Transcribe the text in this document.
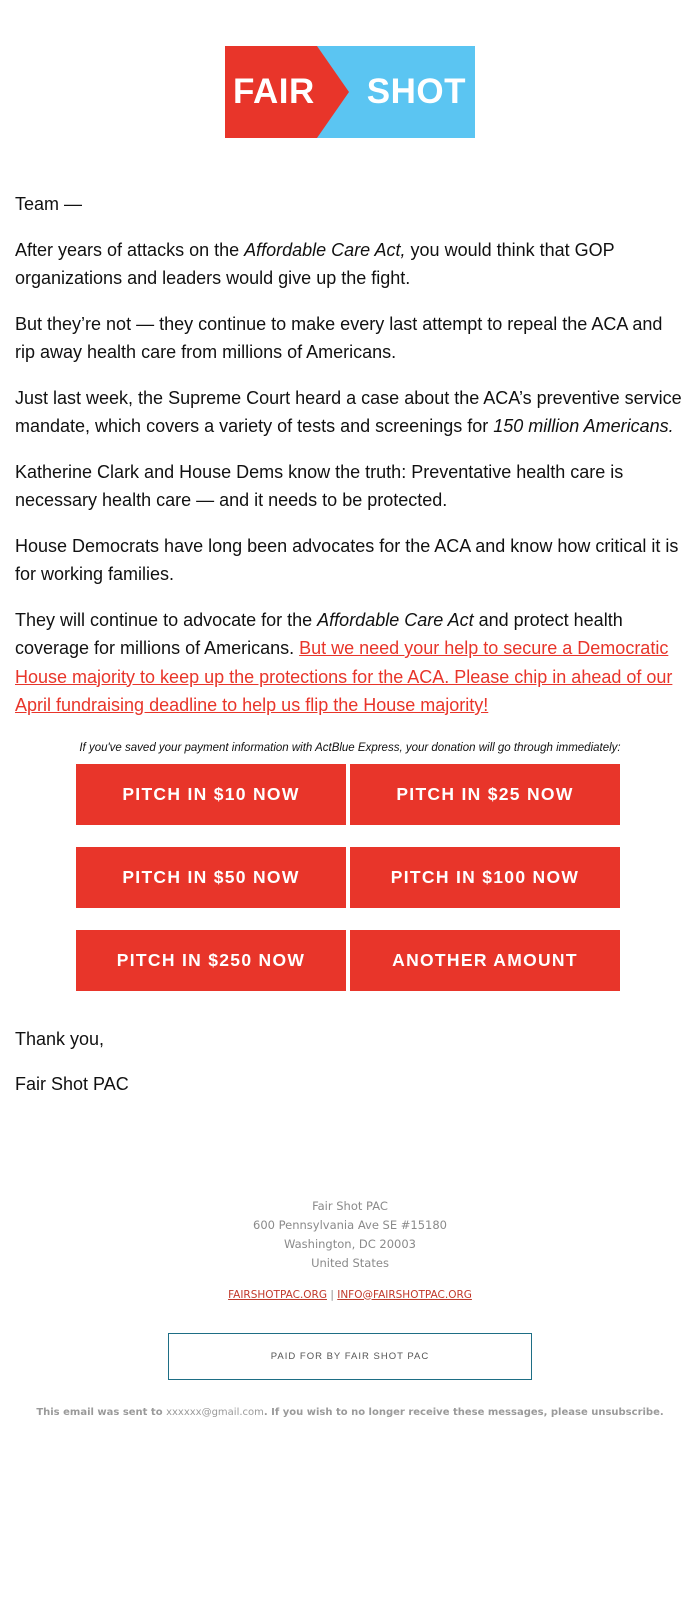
FAIR SHOT

Team —

After years of attacks on the Affordable Care Act, you would think that GOP organizations and leaders would give up the fight.

But they’re not — they continue to make every last attempt to repeal the ACA and rip away health care from millions of Americans.

Just last week, the Supreme Court heard a case about the ACA’s preventive service mandate, which covers a variety of tests and screenings for 150 million Americans.

Katherine Clark and House Dems know the truth: Preventative health care is necessary health care — and it needs to be protected.

House Democrats have long been advocates for the ACA and know how critical it is for working families.

They will continue to advocate for the Affordable Care Act and protect health coverage for millions of Americans. But we need your help to secure a Democratic House majority to keep up the protections for the ACA. Please chip in ahead of our April fundraising deadline to help us flip the House majority!

If you've saved your payment information with ActBlue Express, your donation will go through immediately:
PITCH IN $10 NOW	PITCH IN $25 NOW
PITCH IN $50 NOW	PITCH IN $100 NOW
PITCH IN $250 NOW	ANOTHER AMOUNT

Thank you,

Fair Shot PAC

Fair Shot PAC
600 Pennsylvania Ave SE #15180
Washington, DC 20003
United States
FAIRSHOTPAC.ORG | INFO@FAIRSHOTPAC.ORG
PAID FOR BY FAIR SHOT PAC
This email was sent to xxxxxx@gmail.com. If you wish to no longer receive these messages, please unsubscribe.
